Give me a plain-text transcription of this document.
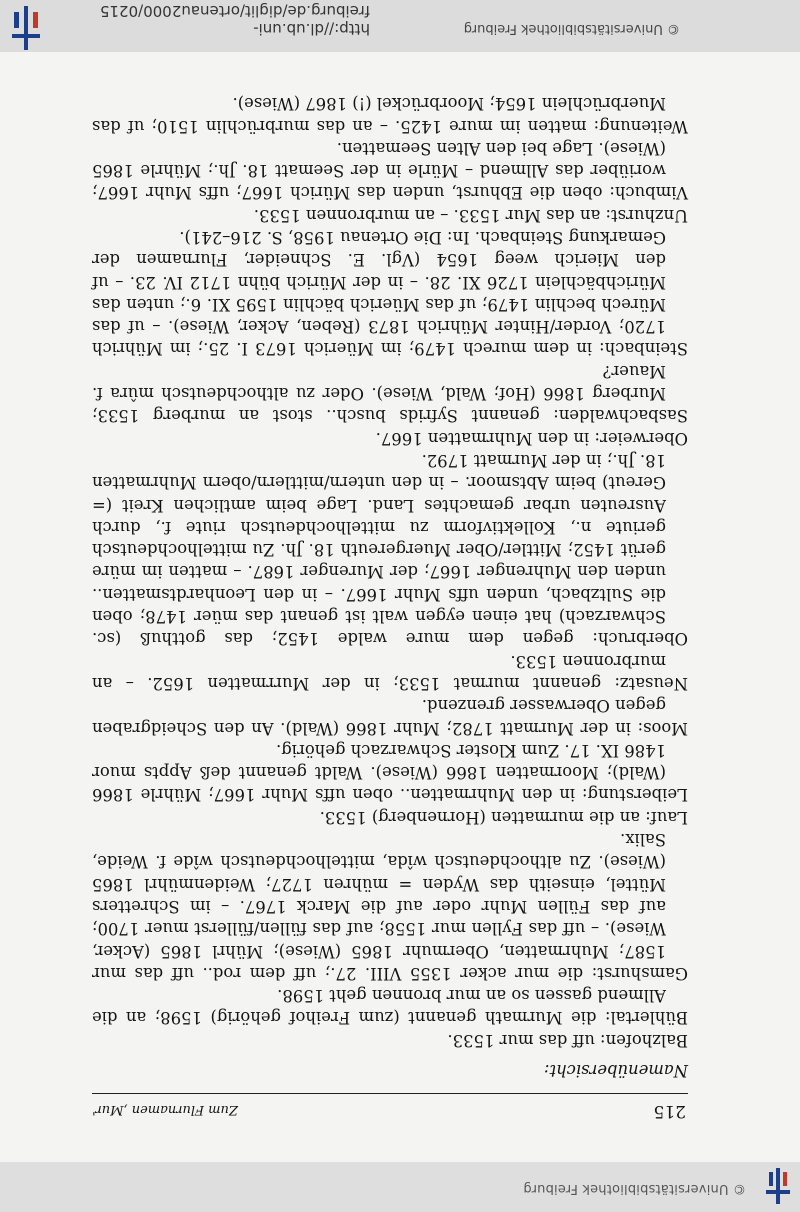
© Universitätsbibliothek Freiburg
215
Zum Flurnamen ‚Mur'
Namenübersicht:
Balzhofen: uff das mur 1533.
Bühlertal: die Murmath genannt (zum Freihof gehörig) 1598; an die Allmend gassen so an mur bronnen geht 1598.
Gamshurst: die mur acker 1355 VIII. 27.; uff dem rod.. uff das mur 1587; Muhrmatten, Obermuhr 1865 (Wiese); Mührl 1865 (Acker, Wiese). – uff das Fyllen mur 1558; auf das füllen/füllerst muer 1700; auf das Füllen Muhr oder auf die Marck 1767. – im Schretters Müttel, einseith das Wyden = mühren 1727; Weidenmührl 1865 (Wiese). Zu althochdeutsch wîda, mittelhochdeutsch wîde f. Weide, Salix.
Lauf: an die murmatten (Hornenberg) 1533.
Leiberstung: in den Muhrmatten.. oben uffs Muhr 1667; Mührle 1866 (Wald); Moormatten 1866 (Wiese). Waldt genannt deß Appts muor 1486 IX. 17. Zum Kloster Schwarzach gehörig.
Moos: in der Murmatt 1782; Muhr 1866 (Wald). An den Scheidgraben gegen Oberwasser grenzend.
Neusatz: genannt murmat 1533; in der Murrmatten 1652. – an murbronnen 1533.
Oberbruch: gegen dem mure walde 1452; das gotthuß (sc. Schwarzach) hat einen eygen walt ist genant das müer 1478; oben die Sultzbach, unden uffs Muhr 1667. – in den Leonhardtsmatten.. unden den Muhrenger 1667; der Murenger 1687. – matten im müre gerüt 1452; Mittler/Ober Muergereuth 18. Jh. Zu mittelhochdeutsch geriute n., Kollektivform zu mittelhochdeutsch riute f., durch Ausreuten urbar gemachtes Land. Lage beim amtlichen Kreit (= Gereut) beim Abtsmoor. – in den untern/mittlern/obern Muhrmatten 18. Jh.; in der Murmatt 1792.
Oberweier: in den Muhrmatten 1667.
Sasbachwalden: genannt Syfrids busch.. stost an murberg 1533; Murberg 1866 (Hof; Wald, Wiese). Oder zu althochdeutsch mûra f. Mauer?
Steinbach: in dem murech 1479; im Müerich 1673 I. 25.; im Mührich 1720; Vorder/Hinter Mührich 1873 (Reben, Acker, Wiese). – uf das Mürech bechlin 1479; uf das Müerich bächlin 1595 XI. 6.; unten das Mürichbächlein 1726 XI. 28. – in der Mürich bühn 1712 IV. 23. – uf den Mierich weeg 1654 (Vgl. E. Schneider, Flurnamen der Gemarkung Steinbach. In: Die Ortenau 1958, S. 216–241).
Unzhurst: an das Mur 1533. – an murbronnen 1533.
Vimbuch: oben die Ebhurst, unden das Mürich 1667; uffs Muhr 1667; woriüber das Allmend – Mürle in der Seematt 18. Jh.; Mührle 1865 (Wiese). Lage bei den Alten Seematten.
Weitenung: matten im mure 1425. – an das murbrüchlin 1510; uf das Muerbrüchlein 1654; Moorbrückel (!) 1867 (Wiese).
http://dl.ub.uni-freiburg.de/diglit/ortenau2000/0215
© Universitätsbibliothek Freiburg
